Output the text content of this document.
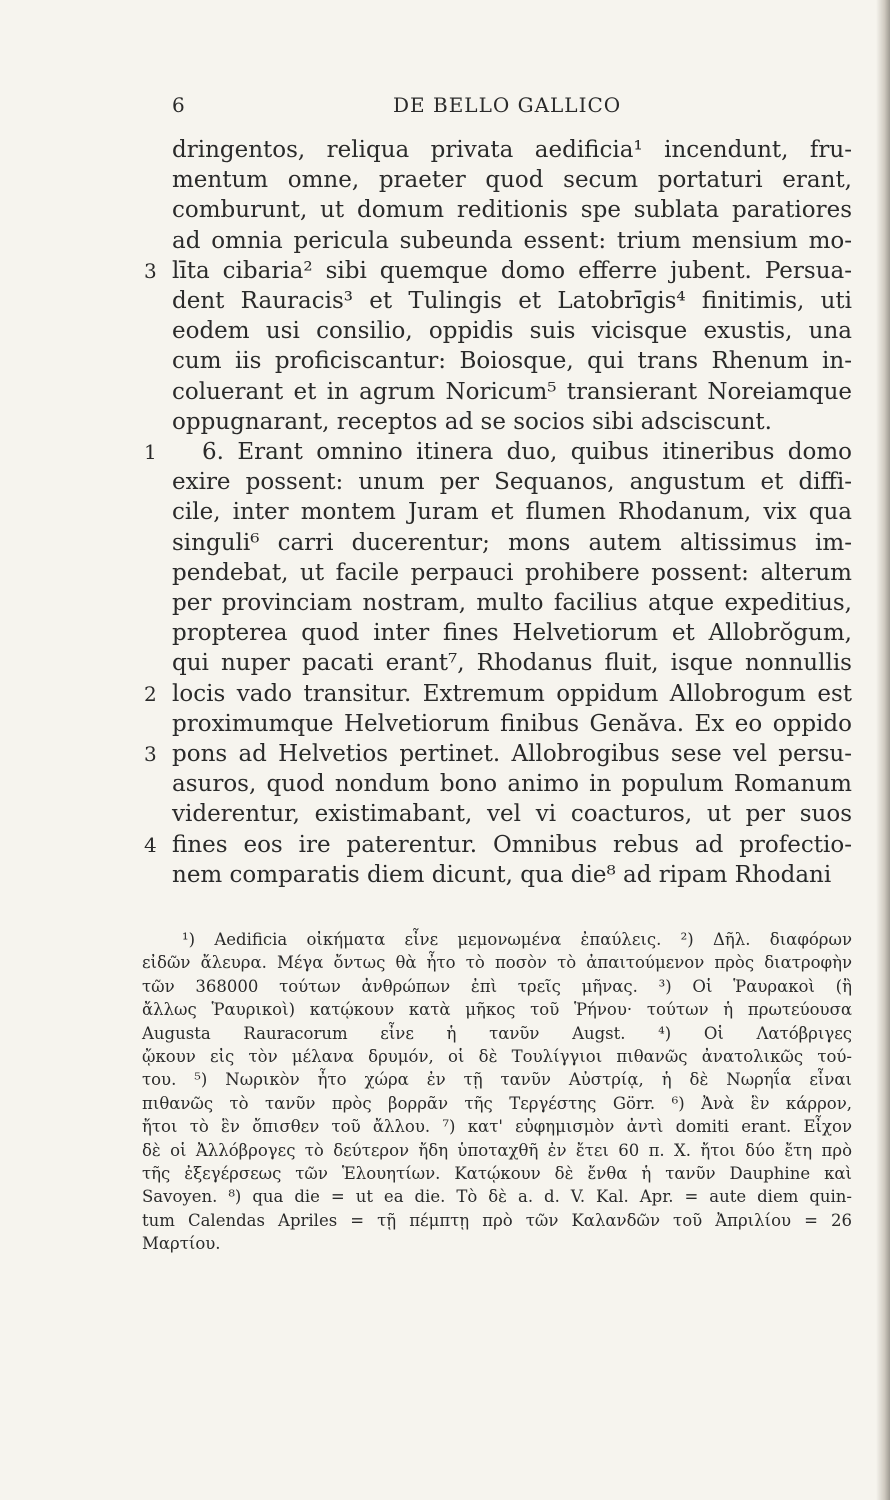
6	DE BELLO GALLICO
dringentos, reliqua privata aedificia¹ incendunt, fru-
mentum omne, praeter quod secum portaturi erant,
comburunt, ut domum reditionis spe sublata paratiores
ad omnia pericula subeunda essent: trium mensium mo-
3 līta cibaria² sibi quemque domo efferre jubent. Persua-
dent Rauracis³ et Tulingis et Latobrīgis⁴ finitimis, uti
eodem usi consilio, oppidis suis vicisque exustis, una
cum iis proficiscantur: Boiosque, qui trans Rhenum in-
coluerant et in agrum Noricum⁵ transierant Noreiamque
oppugnarant, receptos ad se socios sibi adsciscunt.
1 6. Erant omnino itinera duo, quibus itineribus domo
exire possent: unum per Sequanos, angustum et diffi-
cile, inter montem Juram et flumen Rhodanum, vix qua
singuli⁶ carri ducerentur; mons autem altissimus im-
pendebat, ut facile perpauci prohibere possent: alterum
per provinciam nostram, multo facilius atque expeditius,
propterea quod inter fines Helvetiorum et Allobrŏgum,
qui nuper pacati erant⁷, Rhodanus fluit, isque nonnullis
2 locis vado transitur. Extremum oppidum Allobrogum est
proximumque Helvetiorum finibus Genăva. Ex eo oppido
3 pons ad Helvetios pertinet. Allobrogibus sese vel persu-
asuros, quod nondum bono animo in populum Romanum
viderentur, existimabant, vel vi coacturos, ut per suos
4 fines eos ire paterentur. Omnibus rebus ad profectio-
nem comparatis diem dicunt, qua die⁸ ad ripam Rhodani
¹) Aedificia οἰκήματα εἶνε μεμονωμένα ἐπαύλεις. ²) Δῆλ. διαφόρων
εἰδῶν ἄλευρα. Μέγα ὄντως θὰ ἦτο τὸ ποσὸν τὸ ἀπαιτούμενον πρὸς διατροφὴν
τῶν 368000 τούτων ἀνθρώπων ἐπὶ τρεῖς μῆνας. ³) Οἱ Ῥαυρακοὶ (ἢ
ἄλλως Ῥαυρικοὶ) κατῴκουν κατὰ μῆκος τοῦ Ῥήνου· τούτων ἡ πρωτεύουσα
Augusta Rauracorum εἶνε ἡ τανῦν Augst. ⁴) Οἱ Λατόβριγες
ᾤκουν εἰς τὸν μέλανα δρυμόν, οἱ δὲ Τουλίγγιοι πιθανῶς ἀνατολικῶς τού-
του. ⁵) Νωρικὸν ἦτο χώρα ἐν τῇ τανῦν Αὐστρίᾳ, ἡ δὲ Νωρηΐα εἶναι
πιθανῶς τὸ τανῦν πρὸς βορρᾶν τῆς Τεργέστης Görr. ⁶) Ἀνὰ ἓν κάρρον,
ἤτοι τὸ ἓν ὄπισθεν τοῦ ἄλλου. ⁷) κατ' εὐφημισμὸν ἀντὶ domiti erant. Εἶχον
δὲ οἱ Ἀλλόβρογες τὸ δεύτερον ἤδη ὑποταχθῆ ἐν ἔτει 60 π. Χ. ἤτοι δύο ἔτη πρὸ
τῆς ἐξεγέρσεως τῶν Ἑλουητίων. Κατῴκουν δὲ ἔνθα ἡ τανῦν Dauphine καὶ
Savoyen. ⁸) qua die = ut ea die. Τὸ δὲ a. d. V. Kal. Apr. = aute diem quin-
tum Calendas Apriles = τῇ πέμπτῃ πρὸ τῶν Καλανδῶν τοῦ Ἀπριλίου = 26
Μαρτίου.
